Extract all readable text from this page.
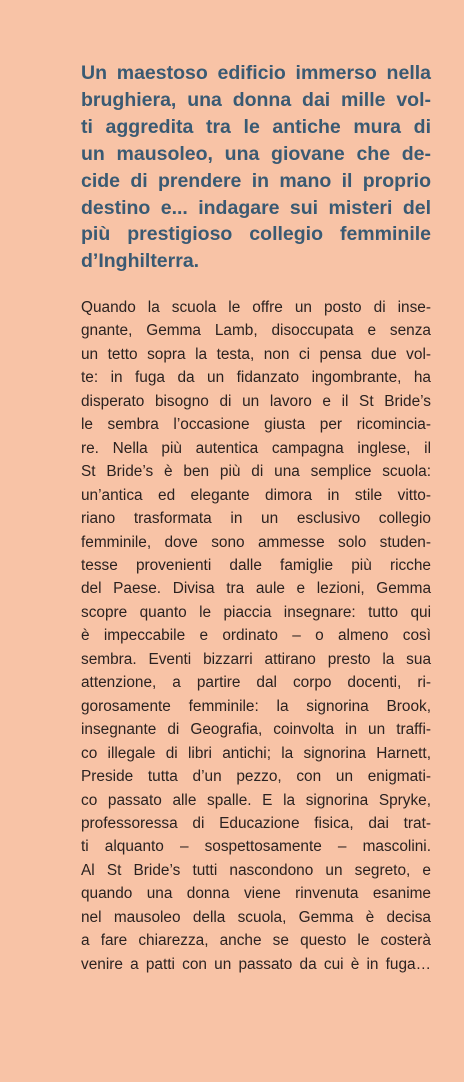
Un maestoso edificio immerso nella
brughiera, una donna dai mille vol-
ti aggredita tra le antiche mura di
un mausoleo, una giovane che de-
cide di prendere in mano il proprio
destino e... indagare sui misteri del
più prestigioso collegio femminile
d’Inghilterra.

Quando la scuola le offre un posto di inse-
gnante, Gemma Lamb, disoccupata e senza
un tetto sopra la testa, non ci pensa due vol-
te: in fuga da un fidanzato ingombrante, ha
disperato bisogno di un lavoro e il St Bride’s
le sembra l’occasione giusta per ricomincia-
re. Nella più autentica campagna inglese, il
St Bride’s è ben più di una semplice scuola:
un’antica ed elegante dimora in stile vitto-
riano trasformata in un esclusivo collegio
femminile, dove sono ammesse solo studen-
tesse provenienti dalle famiglie più ricche
del Paese. Divisa tra aule e lezioni, Gemma
scopre quanto le piaccia insegnare: tutto qui
è impeccabile e ordinato – o almeno così
sembra. Eventi bizzarri attirano presto la sua
attenzione, a partire dal corpo docenti, ri-
gorosamente femminile: la signorina Brook,
insegnante di Geografia, coinvolta in un traffi-
co illegale di libri antichi; la signorina Harnett,
Preside tutta d’un pezzo, con un enigmati-
co passato alle spalle. E la signorina Spryke,
professoressa di Educazione fisica, dai trat-
ti alquanto – sospettosamente – mascolini.
Al St Bride’s tutti nascondono un segreto, e
quando una donna viene rinvenuta esanime
nel mausoleo della scuola, Gemma è decisa
a fare chiarezza, anche se questo le costerà
venire a patti con un passato da cui è in fuga…
